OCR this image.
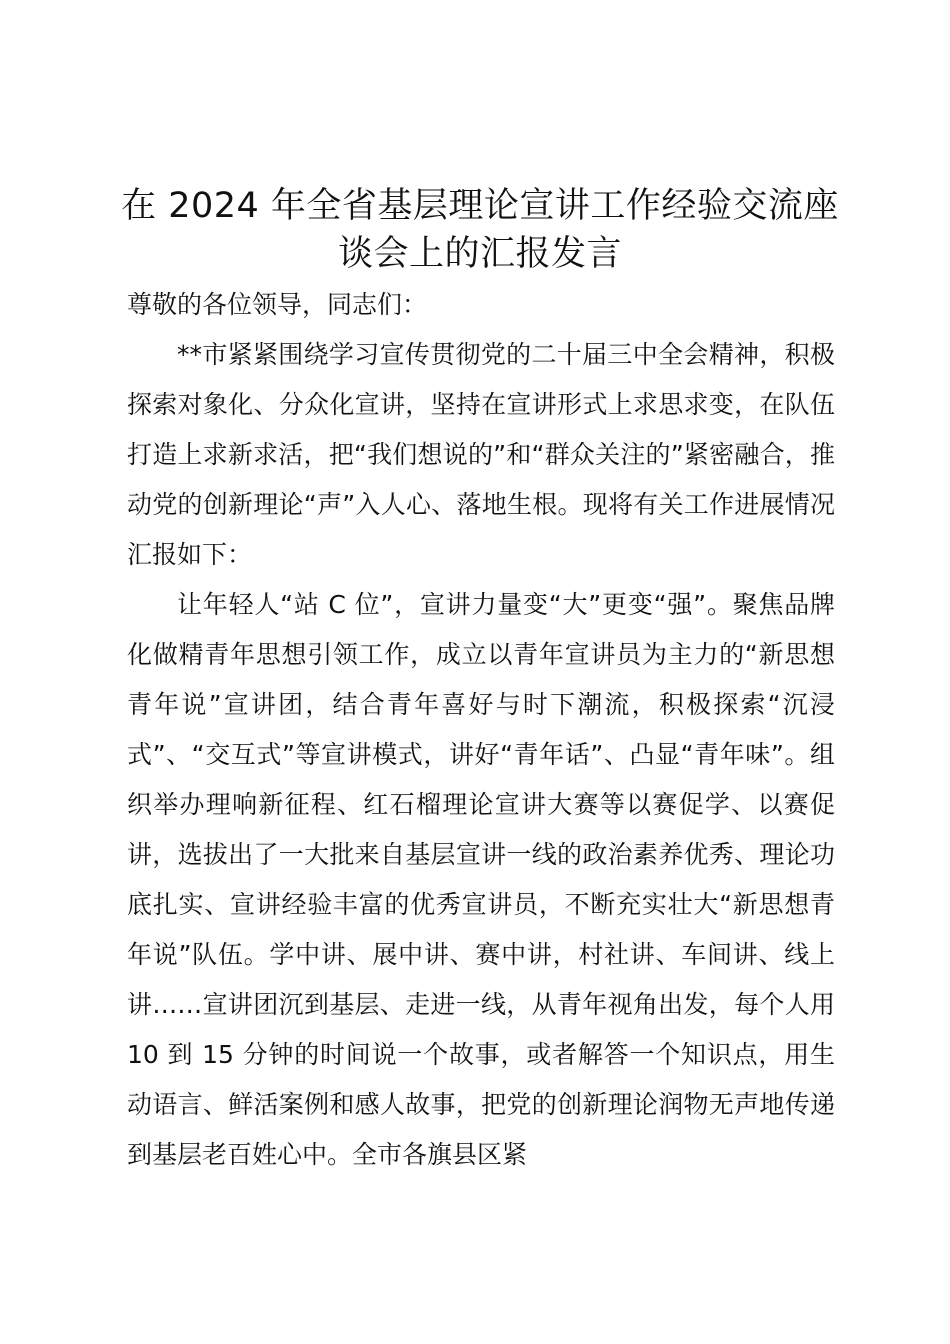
在 2024 年全省基层理论宣讲工作经验交流座谈会上的汇报发言

尊敬的各位领导，同志们：

**市紧紧围绕学习宣传贯彻党的二十届三中全会精神，积极探索对象化、分众化宣讲，坚持在宣讲形式上求思求变，在队伍打造上求新求活，把“我们想说的”和“群众关注的”紧密融合，推动党的创新理论“声”入人心、落地生根。现将有关工作进展情况汇报如下：

让年轻人“站 C 位”，宣讲力量变“大”更变“强”。聚焦品牌化做精青年思想引领工作，成立以青年宣讲员为主力的“新思想青年说”宣讲团，结合青年喜好与时下潮流，积极探索“沉浸式”、“交互式”等宣讲模式，讲好“青年话”、凸显“青年味”。组织举办理响新征程、红石榴理论宣讲大赛等以赛促学、以赛促讲，选拔出了一大批来自基层宣讲一线的政治素养优秀、理论功底扎实、宣讲经验丰富的优秀宣讲员，不断充实壮大“新思想青年说”队伍。学中讲、展中讲、赛中讲，村社讲、车间讲、线上讲……宣讲团沉到基层、走进一线，从青年视角出发，每个人用 10 到 15 分钟的时间说一个故事，或者解答一个知识点，用生动语言、鲜活案例和感人故事，把党的创新理论润物无声地传递到基层老百姓心中。全市各旗县区紧
